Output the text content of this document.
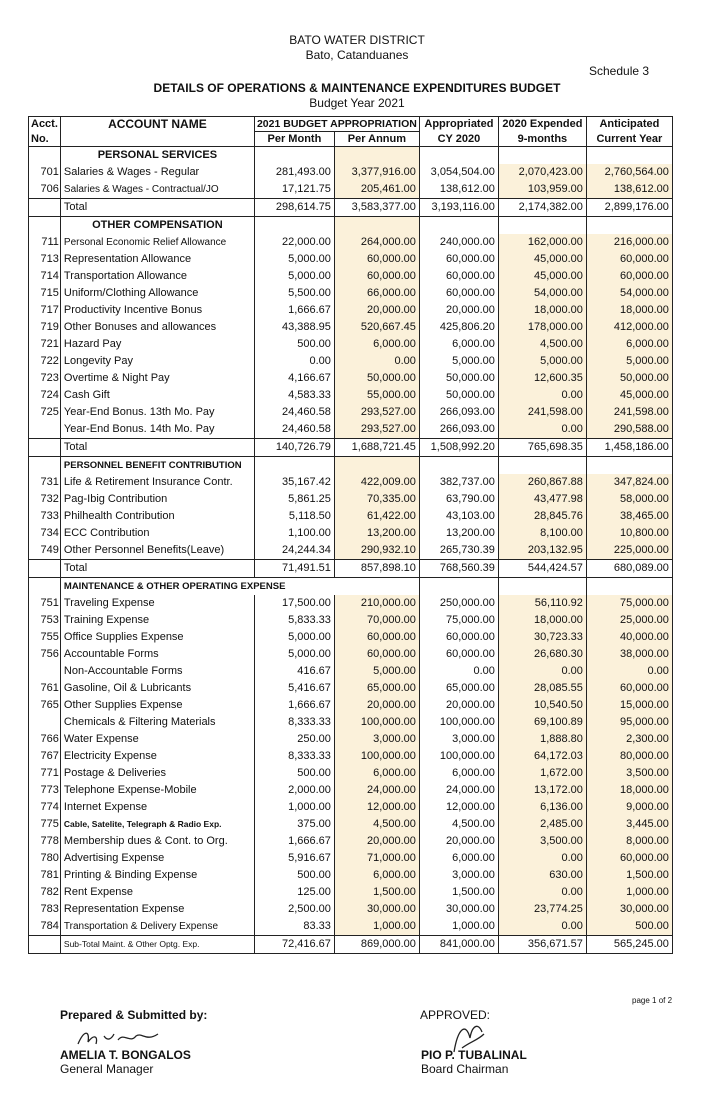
BATO WATER DISTRICT
Bato, Catanduanes
Schedule 3
DETAILS OF OPERATIONS & MAINTENANCE EXPENDITURES BUDGET
Budget Year 2021
Acct.	ACCOUNT NAME	2021 BUDGET APPROPRIATION		Appropriated	2020 Expended	Anticipated
No.		Per Month	Per Annum	CY 2020	9-months	Current Year
	PERSONAL SERVICES					
701	Salaries & Wages - Regular	281,493.00	3,377,916.00	3,054,504.00	2,070,423.00	2,760,564.00
706	Salaries & Wages - Contractual/JO	17,121.75	205,461.00	138,612.00	103,959.00	138,612.00
	Total	298,614.75	3,583,377.00	3,193,116.00	2,174,382.00	2,899,176.00
	OTHER COMPENSATION					
711	Personal Economic Relief Allowance	22,000.00	264,000.00	240,000.00	162,000.00	216,000.00
713	Representation Allowance	5,000.00	60,000.00	60,000.00	45,000.00	60,000.00
714	Transportation Allowance	5,000.00	60,000.00	60,000.00	45,000.00	60,000.00
715	Uniform/Clothing Allowance	5,500.00	66,000.00	60,000.00	54,000.00	54,000.00
717	Productivity Incentive Bonus	1,666.67	20,000.00	20,000.00	18,000.00	18,000.00
719	Other Bonuses and allowances	43,388.95	520,667.45	425,806.20	178,000.00	412,000.00
721	Hazard Pay	500.00	6,000.00	6,000.00	4,500.00	6,000.00
722	Longevity Pay	0.00	0.00	5,000.00	5,000.00	5,000.00
723	Overtime & Night Pay	4,166.67	50,000.00	50,000.00	12,600.35	50,000.00
724	Cash Gift	4,583.33	55,000.00	50,000.00	0.00	45,000.00
725	Year-End Bonus. 13th Mo. Pay	24,460.58	293,527.00	266,093.00	241,598.00	241,598.00
	Year-End Bonus. 14th Mo. Pay	24,460.58	293,527.00	266,093.00	0.00	290,588.00
	Total	140,726.79	1,688,721.45	1,508,992.20	765,698.35	1,458,186.00
	PERSONNEL BENEFIT CONTRIBUTION					
731	Life & Retirement Insurance Contr.	35,167.42	422,009.00	382,737.00	260,867.88	347,824.00
732	Pag-Ibig Contribution	5,861.25	70,335.00	63,790.00	43,477.98	58,000.00
733	Philhealth Contribution	5,118.50	61,422.00	43,103.00	28,845.76	38,465.00
734	ECC Contribution	1,100.00	13,200.00	13,200.00	8,100.00	10,800.00
749	Other Personnel Benefits(Leave)	24,244.34	290,932.10	265,730.39	203,132.95	225,000.00
	Total	71,491.51	857,898.10	768,560.39	544,424.57	680,089.00
	MAINTENANCE & OTHER OPERATING EXPENSE					
751	Traveling Expense	17,500.00	210,000.00	250,000.00	56,110.92	75,000.00
753	Training Expense	5,833.33	70,000.00	75,000.00	18,000.00	25,000.00
755	Office Supplies Expense	5,000.00	60,000.00	60,000.00	30,723.33	40,000.00
756	Accountable Forms	5,000.00	60,000.00	60,000.00	26,680.30	38,000.00
	Non-Accountable Forms	416.67	5,000.00	0.00	0.00	0.00
761	Gasoline, Oil & Lubricants	5,416.67	65,000.00	65,000.00	28,085.55	60,000.00
765	Other Supplies Expense	1,666.67	20,000.00	20,000.00	10,540.50	15,000.00
	Chemicals & Filtering Materials	8,333.33	100,000.00	100,000.00	69,100.89	95,000.00
766	Water Expense	250.00	3,000.00	3,000.00	1,888.80	2,300.00
767	Electricity Expense	8,333.33	100,000.00	100,000.00	64,172.03	80,000.00
771	Postage & Deliveries	500.00	6,000.00	6,000.00	1,672.00	3,500.00
773	Telephone Expense-Mobile	2,000.00	24,000.00	24,000.00	13,172.00	18,000.00
774	Internet Expense	1,000.00	12,000.00	12,000.00	6,136.00	9,000.00
775	Cable, Satelite, Telegraph & Radio Exp.	375.00	4,500.00	4,500.00	2,485.00	3,445.00
778	Membership dues & Cont. to Org.	1,666.67	20,000.00	20,000.00	3,500.00	8,000.00
780	Advertising Expense	5,916.67	71,000.00	6,000.00	0.00	60,000.00
781	Printing & Binding Expense	500.00	6,000.00	3,000.00	630.00	1,500.00
782	Rent Expense	125.00	1,500.00	1,500.00	0.00	1,000.00
783	Representation Expense	2,500.00	30,000.00	30,000.00	23,774.25	30,000.00
784	Transportation & Delivery Expense	83.33	1,000.00	1,000.00	0.00	500.00
	Sub-Total Maint. & Other Optg. Exp.	72,416.67	869,000.00	841,000.00	356,671.57	565,245.00
page 1 of 2
Prepared & Submitted by:	APPROVED:
AMELIA T. BONGALOS
General Manager
PIO P. TUBALINAL
Board Chairman
